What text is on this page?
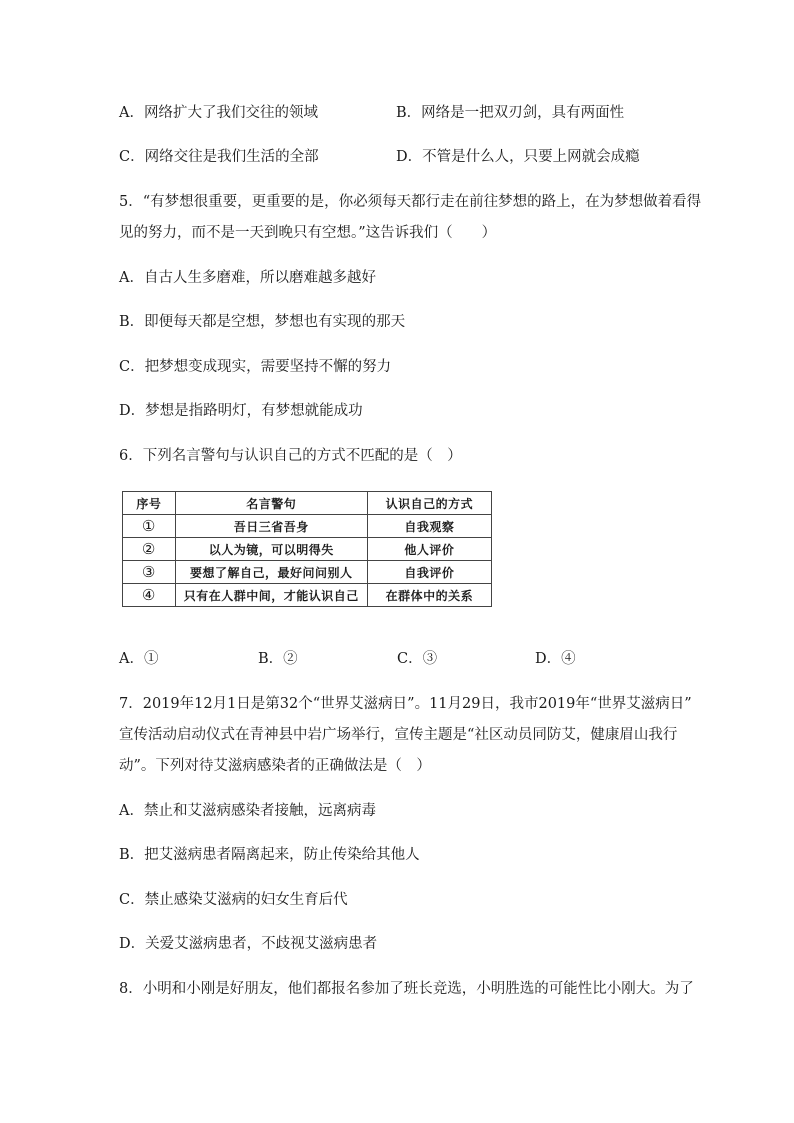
A．网络扩大了我们交往的领域	B．网络是一把双刃剑，具有两面性
C．网络交往是我们生活的全部	D．不管是什么人，只要上网就会成瘾
5．“有梦想很重要，更重要的是，你必须每天都行走在前往梦想的路上，在为梦想做着看得
见的努力，而不是一天到晚只有空想。”这告诉我们（　　）
A．自古人生多磨难，所以磨难越多越好
B．即便每天都是空想，梦想也有实现的那天
C．把梦想变成现实，需要坚持不懈的努力
D．梦想是指路明灯，有梦想就能成功
6．下列名言警句与认识自己的方式不匹配的是（　）
序号	名言警句	认识自己的方式
①	吾日三省吾身	自我观察
②	以人为镜，可以明得失	他人评价
③	要想了解自己，最好问问别人	自我评价
④	只有在人群中间，才能认识自己	在群体中的关系
A．①	B．②	C．③	D．④
7．2019年12月1日是第32个“世界艾滋病日”。11月29日，我市2019年“世界艾滋病日”
宣传活动启动仪式在青神县中岩广场举行，宣传主题是“社区动员同防艾，健康眉山我行
动”。下列对待艾滋病感染者的正确做法是（　）
A．禁止和艾滋病感染者接触，远离病毒
B．把艾滋病患者隔离起来，防止传染给其他人
C．禁止感染艾滋病的妇女生育后代
D．关爱艾滋病患者，不歧视艾滋病患者
8．小明和小刚是好朋友，他们都报名参加了班长竞选，小明胜选的可能性比小刚大。为了
